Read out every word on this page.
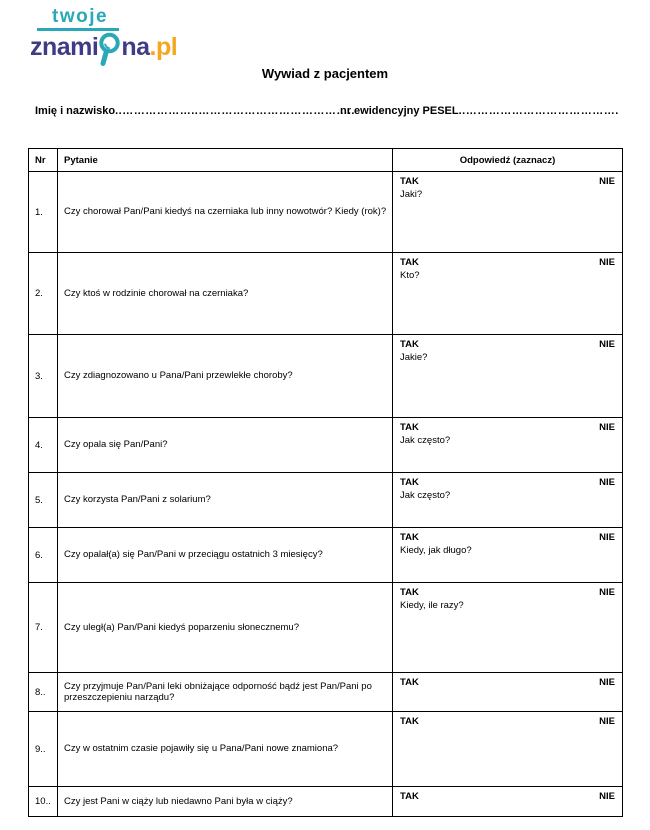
twoje
znami na .pl
Wywiad z pacjentem
Imię i nazwisko..………………..…………………………………..
nr ewidencyjny PESEL..………………………………….
Nr	Pytanie	Odpowiedź (zaznacz)
1.	Czy chorował Pan/Pani kiedyś na czerniaka lub inny nowotwór? Kiedy (rok)?	TAK NIE
Jaki?

2.	Czy ktoś w rodzinie chorował na czerniaka?	TAK NIE
Kto?

3.	Czy zdiagnozowano u Pana/Pani przewlekłe choroby?	TAK NIE
Jakie?

4.	Czy opala się Pan/Pani?	TAK NIE
Jak często?

5.	Czy korzysta Pan/Pani z solarium?	TAK NIE
Jak często?

6.	Czy opalał(a) się Pan/Pani w przeciągu ostatnich 3 miesięcy?	TAK NIE
Kiedy, jak długo?

7.	Czy uległ(a) Pan/Pani kiedyś poparzeniu słonecznemu?	TAK NIE
Kiedy, ile razy?

8..	Czy przyjmuje Pan/Pani leki obniżające odporność bądź jest Pan/Pani po przeszczepieniu narządu?	TAK NIE

9..	Czy w ostatnim czasie pojawiły się u Pana/Pani nowe znamiona?	TAK NIE

10..	Czy jest Pani w ciąży lub niedawno Pani była w ciąży?	TAK NIE
